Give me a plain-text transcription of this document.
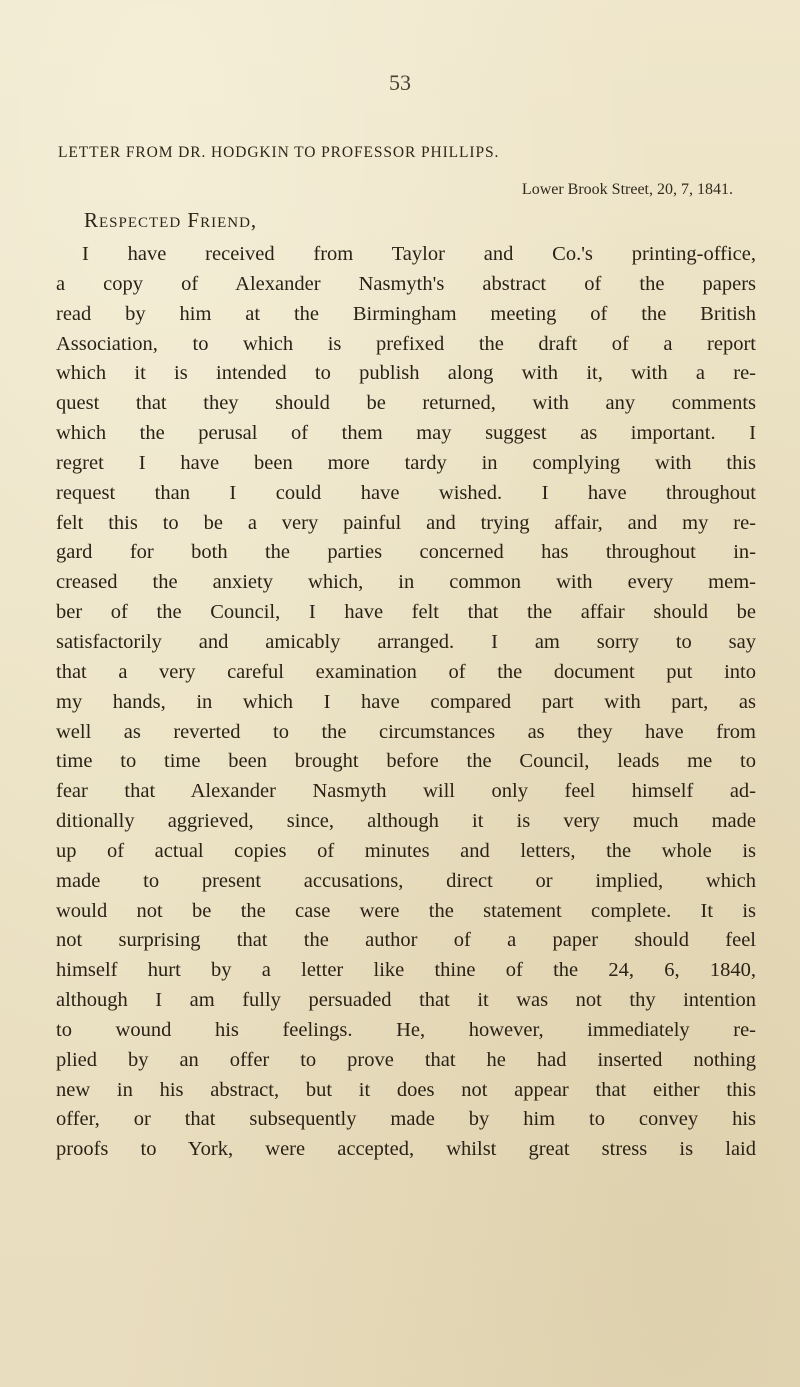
53
LETTER FROM DR. HODGKIN TO PROFESSOR PHILLIPS.
Lower Brook Street, 20, 7, 1841.
Respected Friend,
I have received from Taylor and Co.'s printing-office,
a copy of Alexander Nasmyth's abstract of the papers
read by him at the Birmingham meeting of the British
Association, to which is prefixed the draft of a report
which it is intended to publish along with it, with a re-
quest that they should be returned, with any comments
which the perusal of them may suggest as important. I
regret I have been more tardy in complying with this
request than I could have wished. I have throughout
felt this to be a very painful and trying affair, and my re-
gard for both the parties concerned has throughout in-
creased the anxiety which, in common with every mem-
ber of the Council, I have felt that the affair should be
satisfactorily and amicably arranged. I am sorry to say
that a very careful examination of the document put into
my hands, in which I have compared part with part, as
well as reverted to the circumstances as they have from
time to time been brought before the Council, leads me to
fear that Alexander Nasmyth will only feel himself ad-
ditionally aggrieved, since, although it is very much made
up of actual copies of minutes and letters, the whole is
made to present accusations, direct or implied, which
would not be the case were the statement complete. It is
not surprising that the author of a paper should feel
himself hurt by a letter like thine of the 24, 6, 1840,
although I am fully persuaded that it was not thy intention
to wound his feelings. He, however, immediately re-
plied by an offer to prove that he had inserted nothing
new in his abstract, but it does not appear that either this
offer, or that subsequently made by him to convey his
proofs to York, were accepted, whilst great stress is laid
